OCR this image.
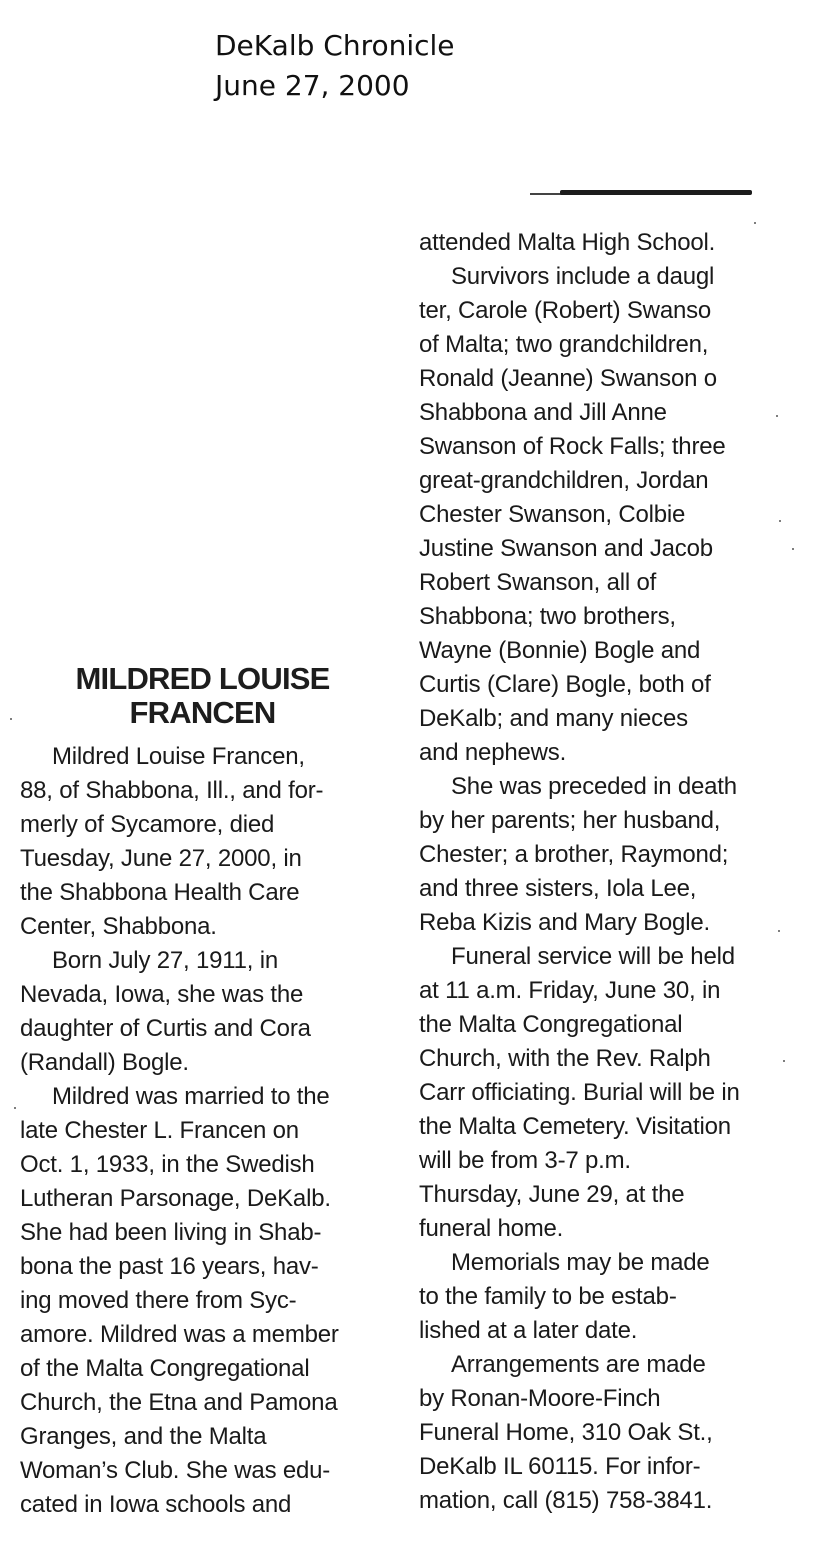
DeKalb Chronicle
June 27, 2000
MILDRED LOUISE
FRANCEN
Mildred Louise Francen,
88, of Shabbona, Ill., and for-
merly of Sycamore, died
Tuesday, June 27, 2000, in
the Shabbona Health Care
Center, Shabbona.
Born July 27, 1911, in
Nevada, Iowa, she was the
daughter of Curtis and Cora
(Randall) Bogle.
Mildred was married to the
late Chester L. Francen on
Oct. 1, 1933, in the Swedish
Lutheran Parsonage, DeKalb.
She had been living in Shab-
bona the past 16 years, hav-
ing moved there from Syc-
amore. Mildred was a member
of the Malta Congregational
Church, the Etna and Pamona
Granges, and the Malta
Woman’s Club. She was edu-
cated in Iowa schools and
attended Malta High School.
Survivors include a daugl
ter, Carole (Robert) Swanso
of Malta; two grandchildren,
Ronald (Jeanne) Swanson o
Shabbona and Jill Anne
Swanson of Rock Falls; three
great-grandchildren, Jordan
Chester Swanson, Colbie
Justine Swanson and Jacob
Robert Swanson, all of
Shabbona; two brothers,
Wayne (Bonnie) Bogle and
Curtis (Clare) Bogle, both of
DeKalb; and many nieces
and nephews.
She was preceded in death
by her parents; her husband,
Chester; a brother, Raymond;
and three sisters, Iola Lee,
Reba Kizis and Mary Bogle.
Funeral service will be held
at 11 a.m. Friday, June 30, in
the Malta Congregational
Church, with the Rev. Ralph
Carr officiating. Burial will be in
the Malta Cemetery. Visitation
will be from 3-7 p.m.
Thursday, June 29, at the
funeral home.
Memorials may be made
to the family to be estab-
lished at a later date.
Arrangements are made
by Ronan-Moore-Finch
Funeral Home, 310 Oak St.,
DeKalb IL 60115. For infor-
mation, call (815) 758-3841.
